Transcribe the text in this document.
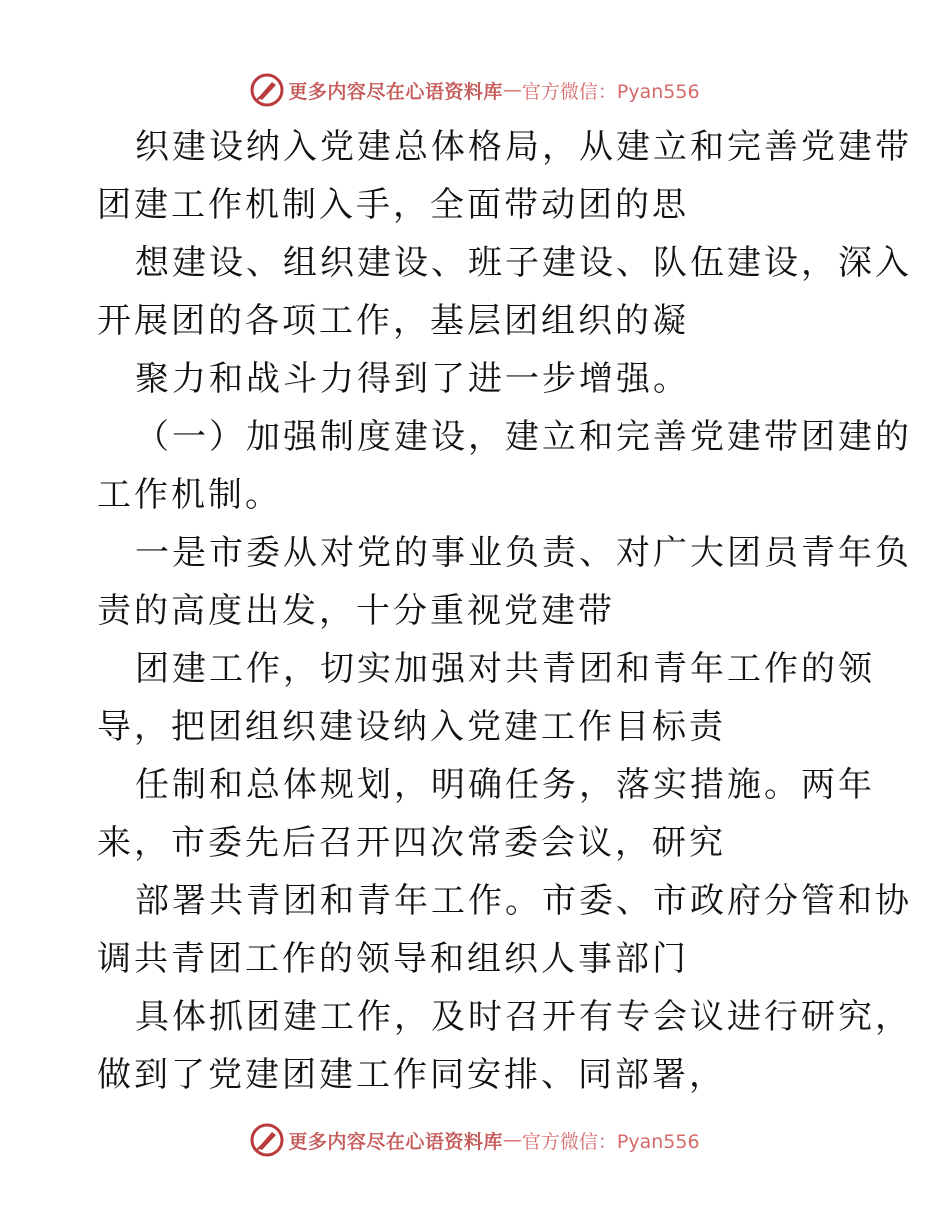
更多内容尽在心语资料库 — 官方微信：Pyan556
织建设纳入党建总体格局，从建立和完善党建带
团建工作机制入手，全面带动团的思
想建设、组织建设、班子建设、队伍建设，深入
开展团的各项工作，基层团组织的凝
聚力和战斗力得到了进一步增强。
（一）加强制度建设，建立和完善党建带团建的
工作机制。
一是市委从对党的事业负责、对广大团员青年负
责的高度出发，十分重视党建带
团建工作，切实加强对共青团和青年工作的领
导，把团组织建设纳入党建工作目标责
任制和总体规划，明确任务，落实措施。两年
来，市委先后召开四次常委会议，研究
部署共青团和青年工作。市委、市政府分管和协
调共青团工作的领导和组织人事部门
具体抓团建工作，及时召开有专会议进行研究，
做到了党建团建工作同安排、同部署，
更多内容尽在心语资料库 — 官方微信：Pyan556
